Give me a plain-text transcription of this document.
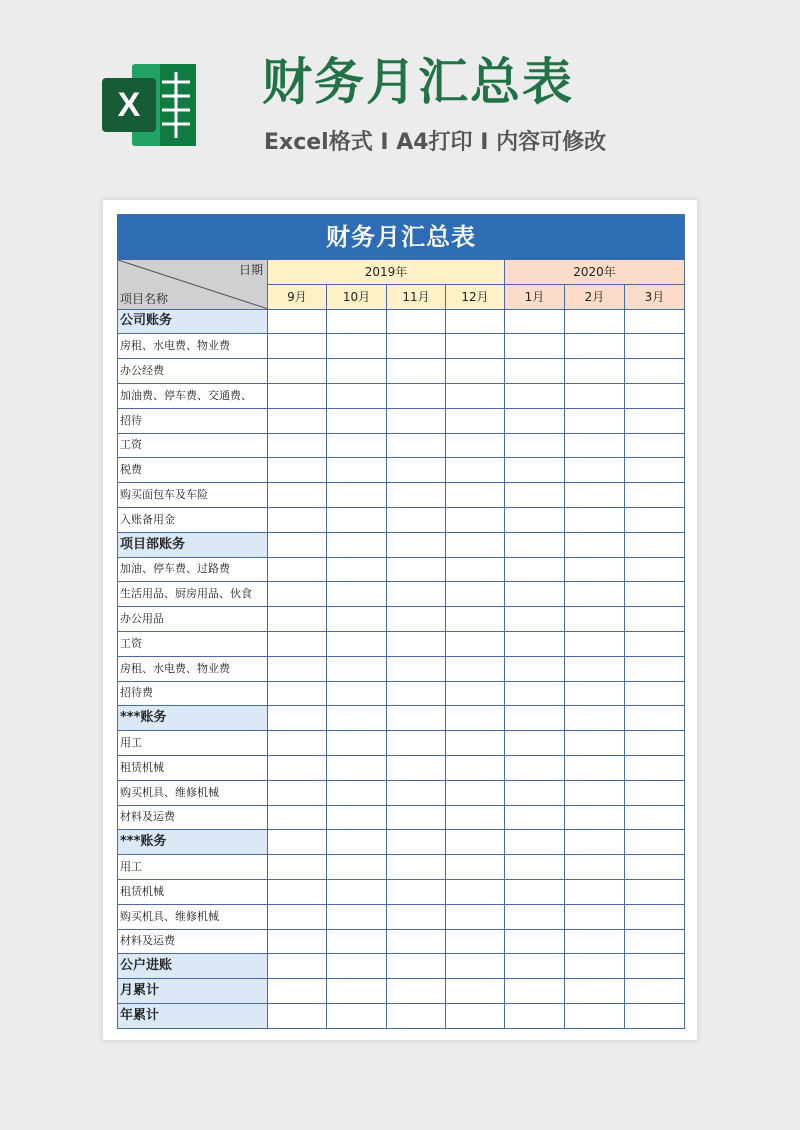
X 财务月汇总表
Excel格式 I A4打印 I 内容可修改
财务月汇总表							

日期
项目名称	2019年				2020年		
	9月	10月	11月	12月	1月	2月	3月
公司账务							
房租、水电费、物业费							
办公经费							
加油费、停车费、交通费、							
招待							
工资							
税费							
购买面包车及车险							
入账备用金							
项目部账务							
加油、停车费、过路费							
生活用品、厨房用品、伙食							
办公用品							
工资							
房租、水电费、物业费							
招待费							
***账务							
用工							
租赁机械							
购买机具、维修机械							
材料及运费							
***账务							
用工							
租赁机械							
购买机具、维修机械							
材料及运费							
公户进账							
月累计							
年累计							
